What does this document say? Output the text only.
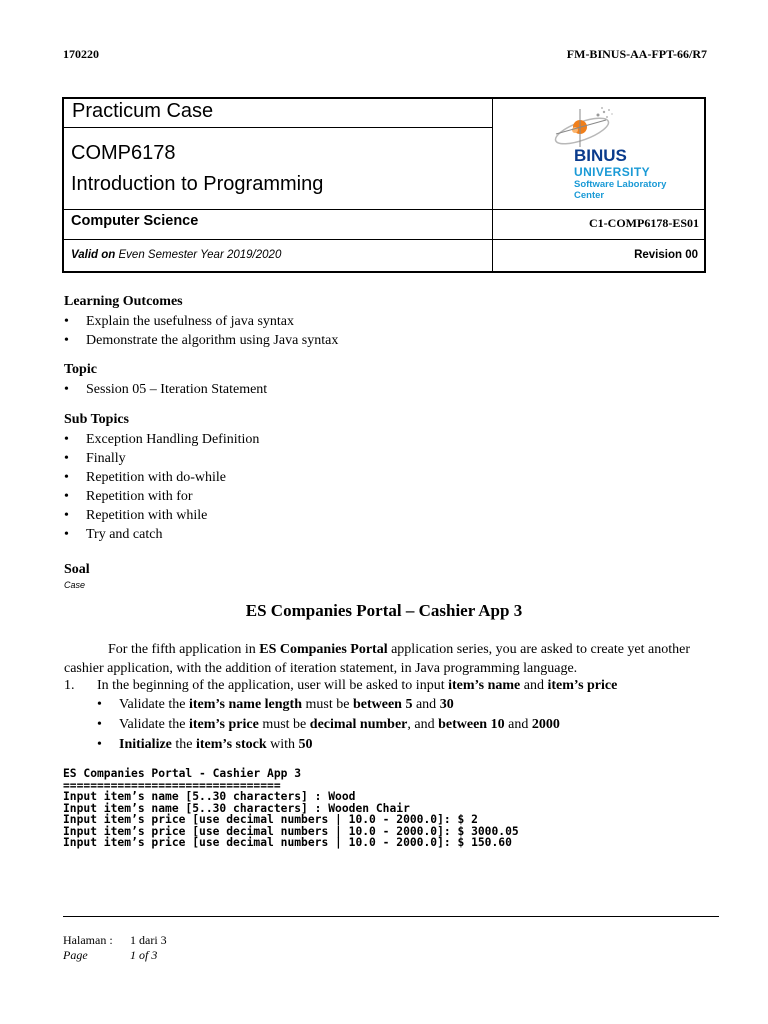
170220	FM-BINUS-AA-FPT-66/R7
Practicum Case
COMP6178
Introduction to Programming
Computer Science	C1-COMP6178-ES01
Valid on Even Semester Year 2019/2020	Revision 00
BINUS
UNIVERSITY
Software Laboratory
Center
Learning Outcomes
• Explain the usefulness of java syntax
• Demonstrate the algorithm using Java syntax
Topic
• Session 05 – Iteration Statement
Sub Topics
• Exception Handling Definition
• Finally
• Repetition with do-while
• Repetition with for
• Repetition with while
• Try and catch
Soal
Case
ES Companies Portal – Cashier App 3
For the fifth application in ES Companies Portal application series, you are asked to create yet another cashier application, with the addition of iteration statement, in Java programming language.
1. In the beginning of the application, user will be asked to input item’s name and item’s price
• Validate the item’s name length must be between 5 and 30
• Validate the item’s price must be decimal number, and between 10 and 2000
• Initialize the item’s stock with 50
ES Companies Portal - Cashier App 3
================================
Input item’s name [5..30 characters] : Wood
Input item’s name [5..30 characters] : Wooden Chair
Input item’s price [use decimal numbers | 10.0 - 2000.0]: $ 2
Input item’s price [use decimal numbers | 10.0 - 2000.0]: $ 3000.05
Input item’s price [use decimal numbers | 10.0 - 2000.0]: $ 150.60
Halaman : 1 dari 3
Page	1 of 3
